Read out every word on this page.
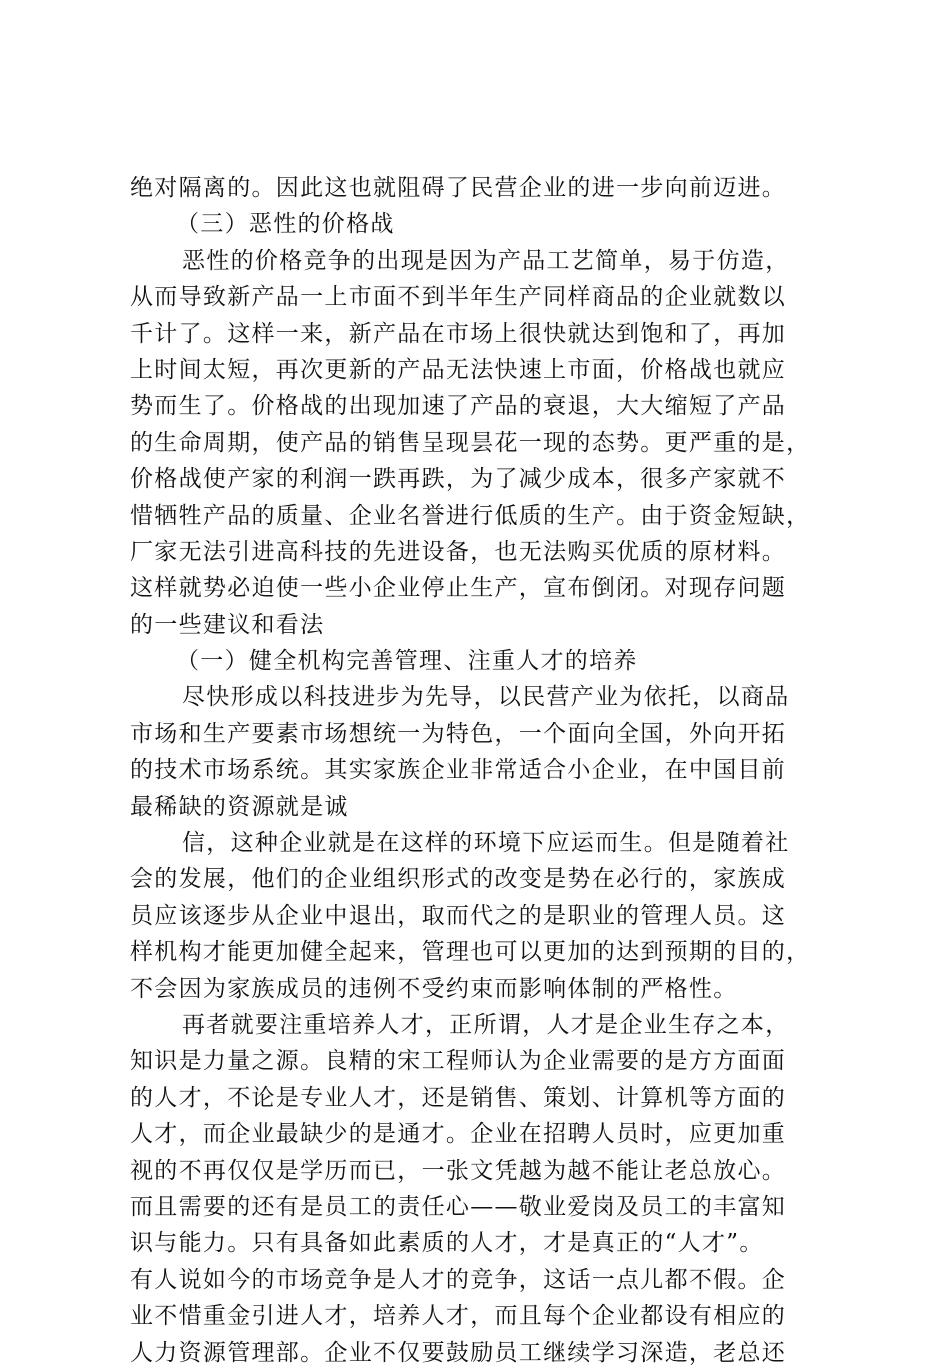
绝对隔离的。因此这也就阻碍了民营企业的进一步向前迈进。
（三）恶性的价格战
恶性的价格竞争的出现是因为产品工艺简单，易于仿造，
从而导致新产品一上市面不到半年生产同样商品的企业就数以
千计了。这样一来，新产品在市场上很快就达到饱和了，再加
上时间太短，再次更新的产品无法快速上市面，价格战也就应
势而生了。价格战的出现加速了产品的衰退，大大缩短了产品
的生命周期，使产品的销售呈现昙花一现的态势。更严重的是，
价格战使产家的利润一跌再跌，为了减少成本，很多产家就不
惜牺牲产品的质量、企业名誉进行低质的生产。由于资金短缺，
厂家无法引进高科技的先进设备，也无法购买优质的原材料。
这样就势必迫使一些小企业停止生产，宣布倒闭。对现存问题
的一些建议和看法
（一）健全机构完善管理、注重人才的培养
尽快形成以科技进步为先导，以民营产业为依托，以商品
市场和生产要素市场想统一为特色，一个面向全国，外向开拓
的技术市场系统。其实家族企业非常适合小企业，在中国目前
最稀缺的资源就是诚
信，这种企业就是在这样的环境下应运而生。但是随着社
会的发展，他们的企业组织形式的改变是势在必行的，家族成
员应该逐步从企业中退出，取而代之的是职业的管理人员。这
样机构才能更加健全起来，管理也可以更加的达到预期的目的，
不会因为家族成员的违例不受约束而影响体制的严格性。
再者就要注重培养人才，正所谓，人才是企业生存之本，
知识是力量之源。良精的宋工程师认为企业需要的是方方面面
的人才，不论是专业人才，还是销售、策划、计算机等方面的
人才，而企业最缺少的是通才。企业在招聘人员时，应更加重
视的不再仅仅是学历而已，一张文凭越为越不能让老总放心。
而且需要的还有是员工的责任心——敬业爱岗及员工的丰富知
识与能力。只有具备如此素质的人才，才是真正的“人才”。
有人说如今的市场竞争是人才的竞争，这话一点儿都不假。企
业不惜重金引进人才，培养人才，而且每个企业都设有相应的
人力资源管理部。企业不仅要鼓励员工继续学习深造，老总还
